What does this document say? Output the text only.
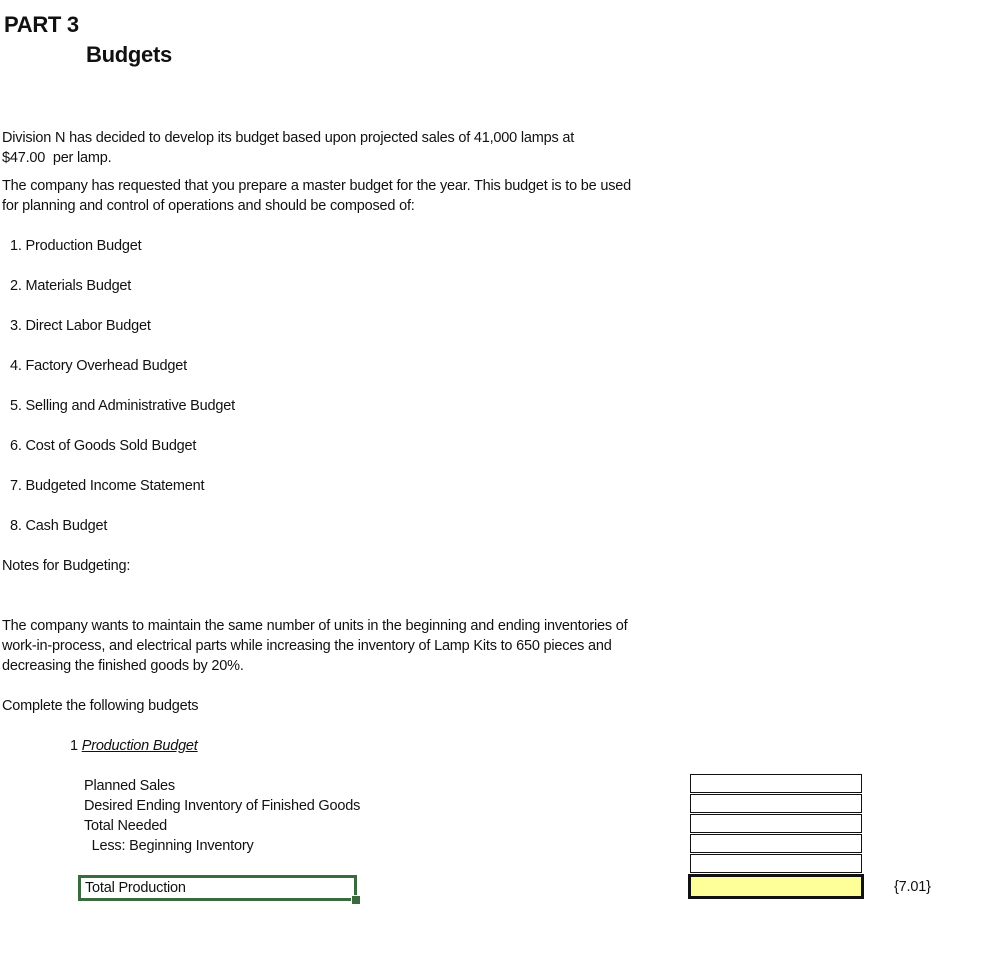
PART 3
Budgets
Division N has decided to develop its budget based upon projected sales of 41,000 lamps at
$47.00 per lamp.
The company has requested that you prepare a master budget for the year. This budget is to be used
for planning and control of operations and should be composed of:
1. Production Budget
2. Materials Budget
3. Direct Labor Budget
4. Factory Overhead Budget
5. Selling and Administrative Budget
6. Cost of Goods Sold Budget
7. Budgeted Income Statement
8. Cash Budget
Notes for Budgeting:
The company wants to maintain the same number of units in the beginning and ending inventories of
work-in-process, and electrical parts while increasing the inventory of Lamp Kits to 650 pieces and
decreasing the finished goods by 20%.
Complete the following budgets
1 Production Budget
Planned Sales
Desired Ending Inventory of Finished Goods
Total Needed
Less: Beginning Inventory
Total Production	{7.01}
